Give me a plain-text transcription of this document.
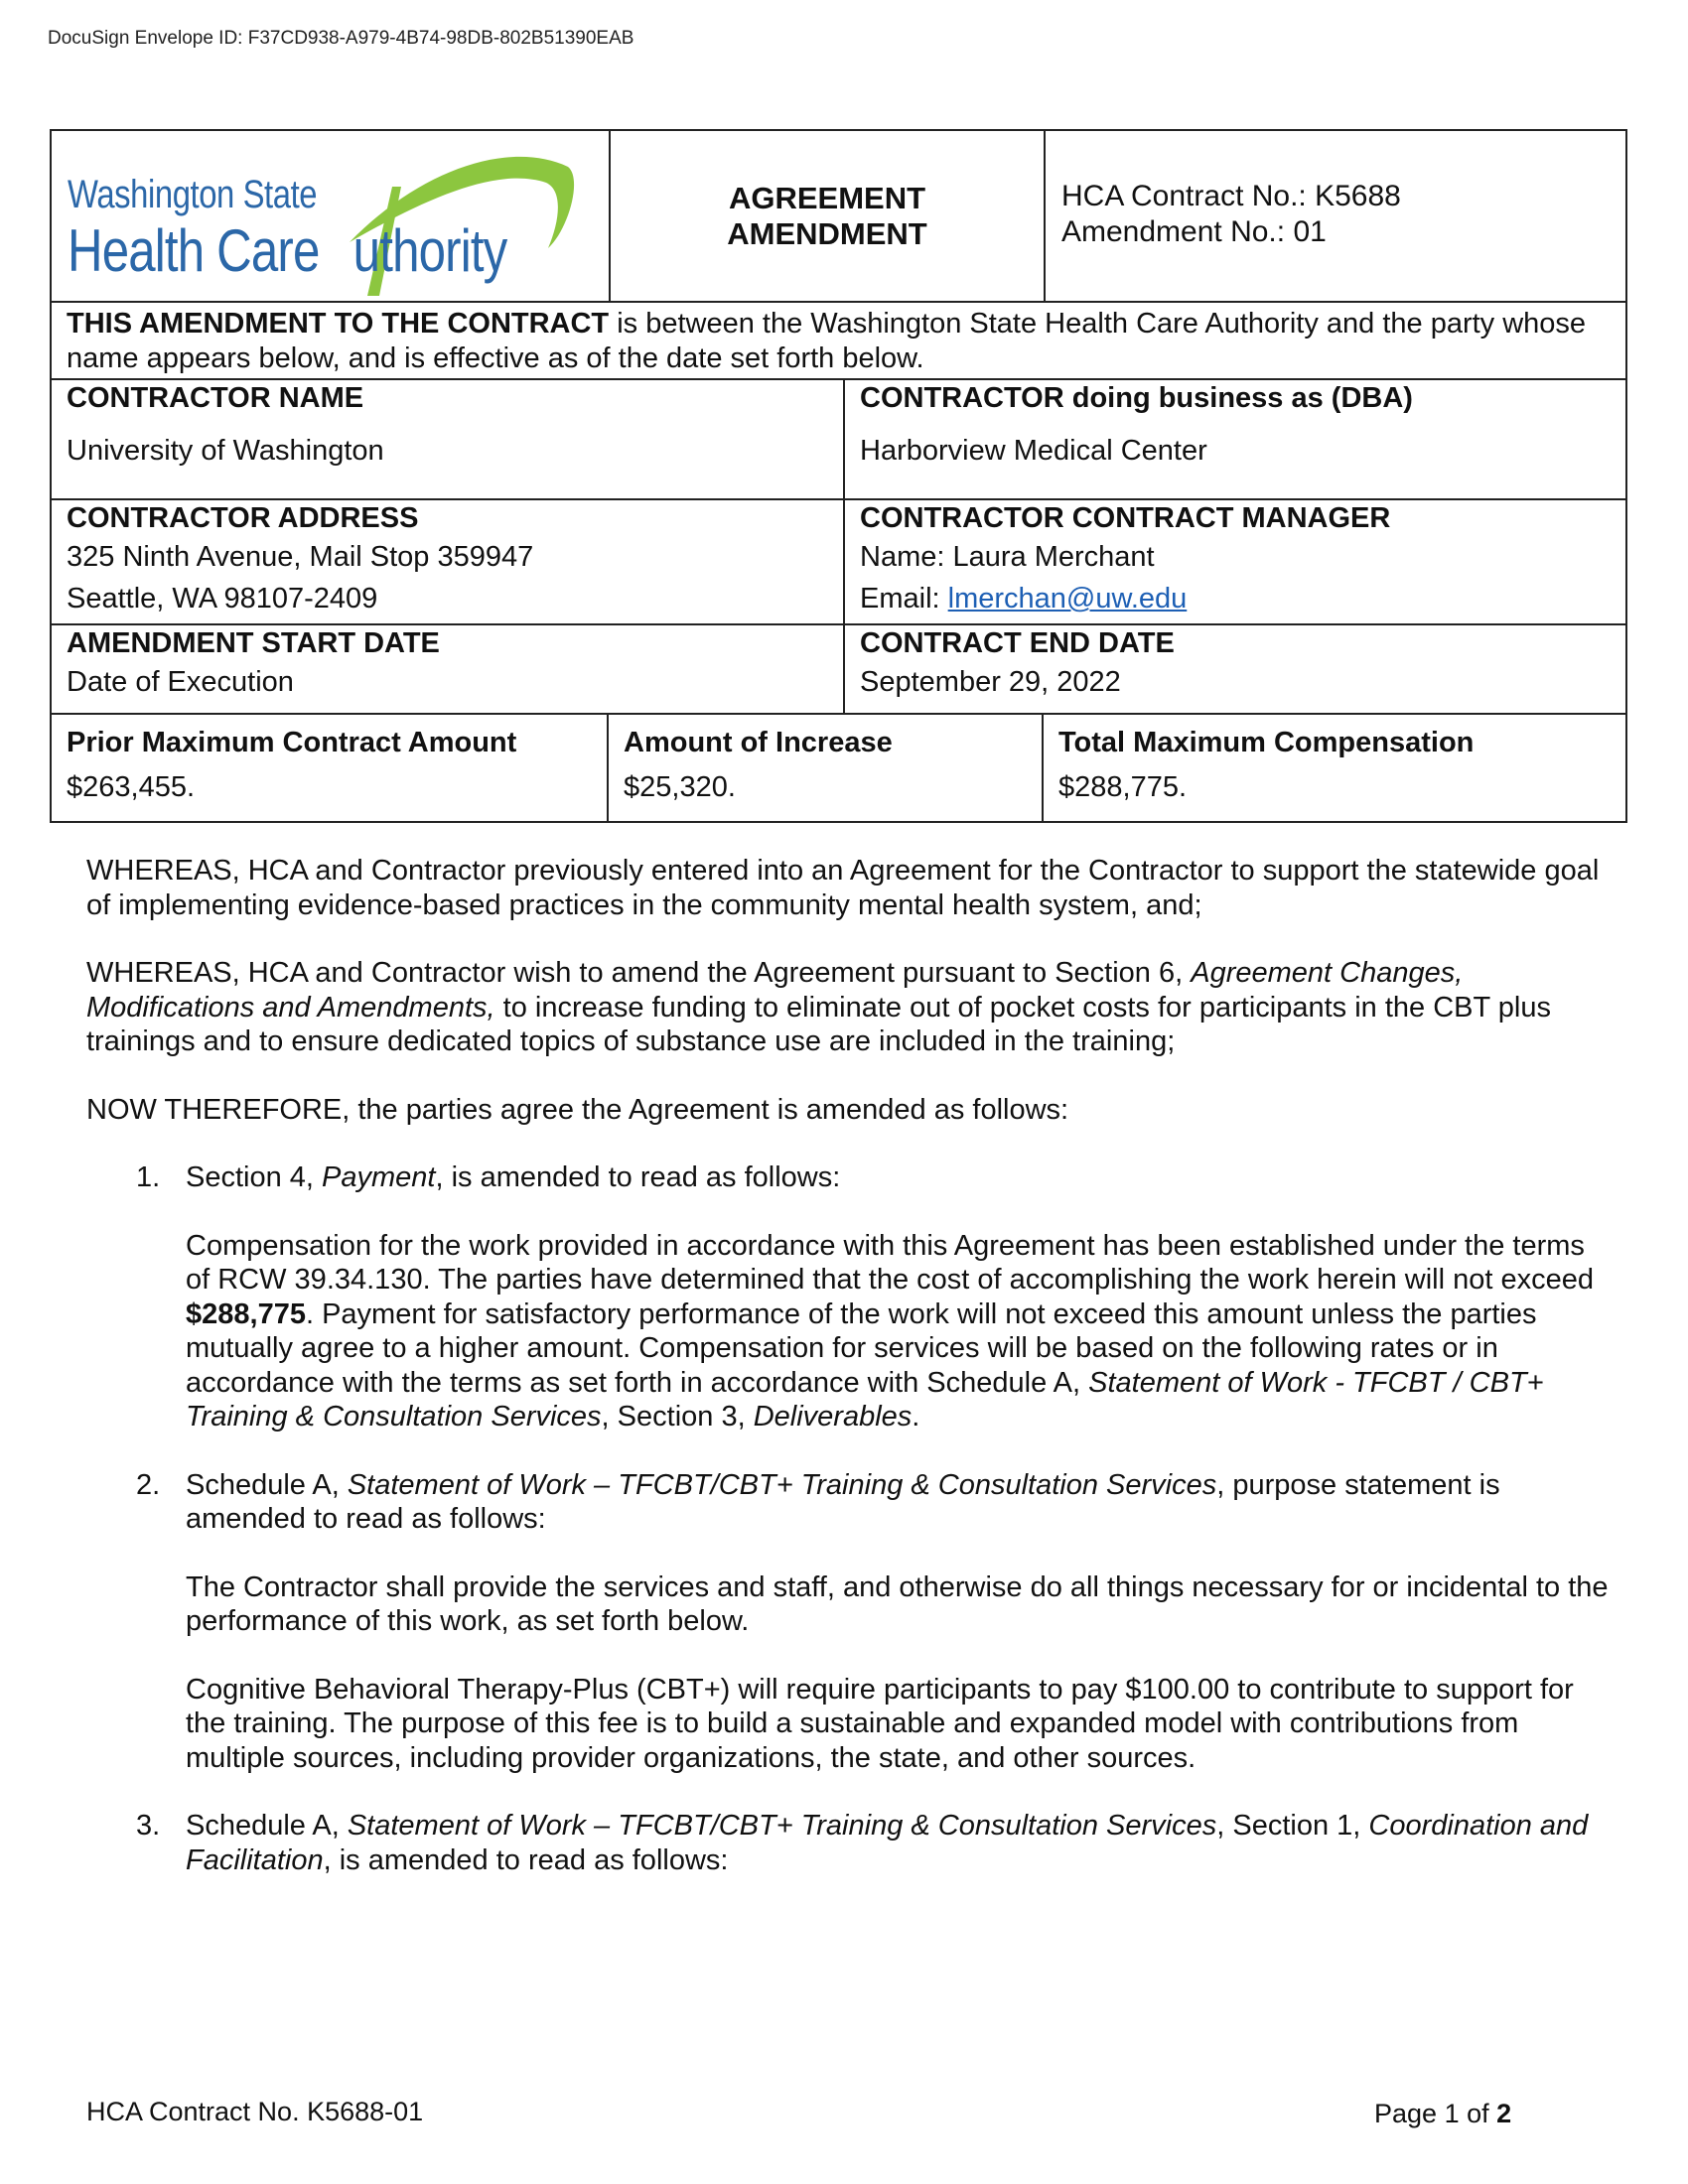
DocuSign Envelope ID: F37CD938-A979-4B74-98DB-802B51390EAB
Washington State
Health Care uthority
AGREEMENT
AMENDMENT
HCA Contract No.: K5688
Amendment No.: 01
THIS AMENDMENT TO THE CONTRACT is between the Washington State Health Care Authority and the party whose name appears below, and is effective as of the date set forth below.
CONTRACTOR NAME
University of Washington
CONTRACTOR doing business as (DBA)
Harborview Medical Center
CONTRACTOR ADDRESS
325 Ninth Avenue, Mail Stop 359947
Seattle, WA 98107-2409
CONTRACTOR CONTRACT MANAGER
Name: Laura Merchant
Email: lmerchan@uw.edu
AMENDMENT START DATE
Date of Execution
CONTRACT END DATE
September 29, 2022
Prior Maximum Contract Amount
$263,455.
Amount of Increase
$25,320.
Total Maximum Compensation
$288,775.

WHEREAS, HCA and Contractor previously entered into an Agreement for the Contractor to support the statewide goal of implementing evidence-based practices in the community mental health system, and;

WHEREAS, HCA and Contractor wish to amend the Agreement pursuant to Section 6, Agreement Changes, Modifications and Amendments, to increase funding to eliminate out of pocket costs for participants in the CBT plus trainings and to ensure dedicated topics of substance use are included in the training;

NOW THEREFORE, the parties agree the Agreement is amended as follows:

1. Section 4, Payment, is amended to read as follows:

Compensation for the work provided in accordance with this Agreement has been established under the terms of RCW 39.34.130. The parties have determined that the cost of accomplishing the work herein will not exceed $288,775. Payment for satisfactory performance of the work will not exceed this amount unless the parties mutually agree to a higher amount. Compensation for services will be based on the following rates or in accordance with the terms as set forth in accordance with Schedule A, Statement of Work - TFCBT / CBT+ Training & Consultation Services, Section 3, Deliverables.

2. Schedule A, Statement of Work – TFCBT/CBT+ Training & Consultation Services, purpose statement is amended to read as follows:

The Contractor shall provide the services and staff, and otherwise do all things necessary for or incidental to the performance of this work, as set forth below.

Cognitive Behavioral Therapy-Plus (CBT+) will require participants to pay $100.00 to contribute to support for the training. The purpose of this fee is to build a sustainable and expanded model with contributions from multiple sources, including provider organizations, the state, and other sources.

3. Schedule A, Statement of Work – TFCBT/CBT+ Training & Consultation Services, Section 1, Coordination and Facilitation, is amended to read as follows:

HCA Contract No. K5688-01	Page 1 of 2
